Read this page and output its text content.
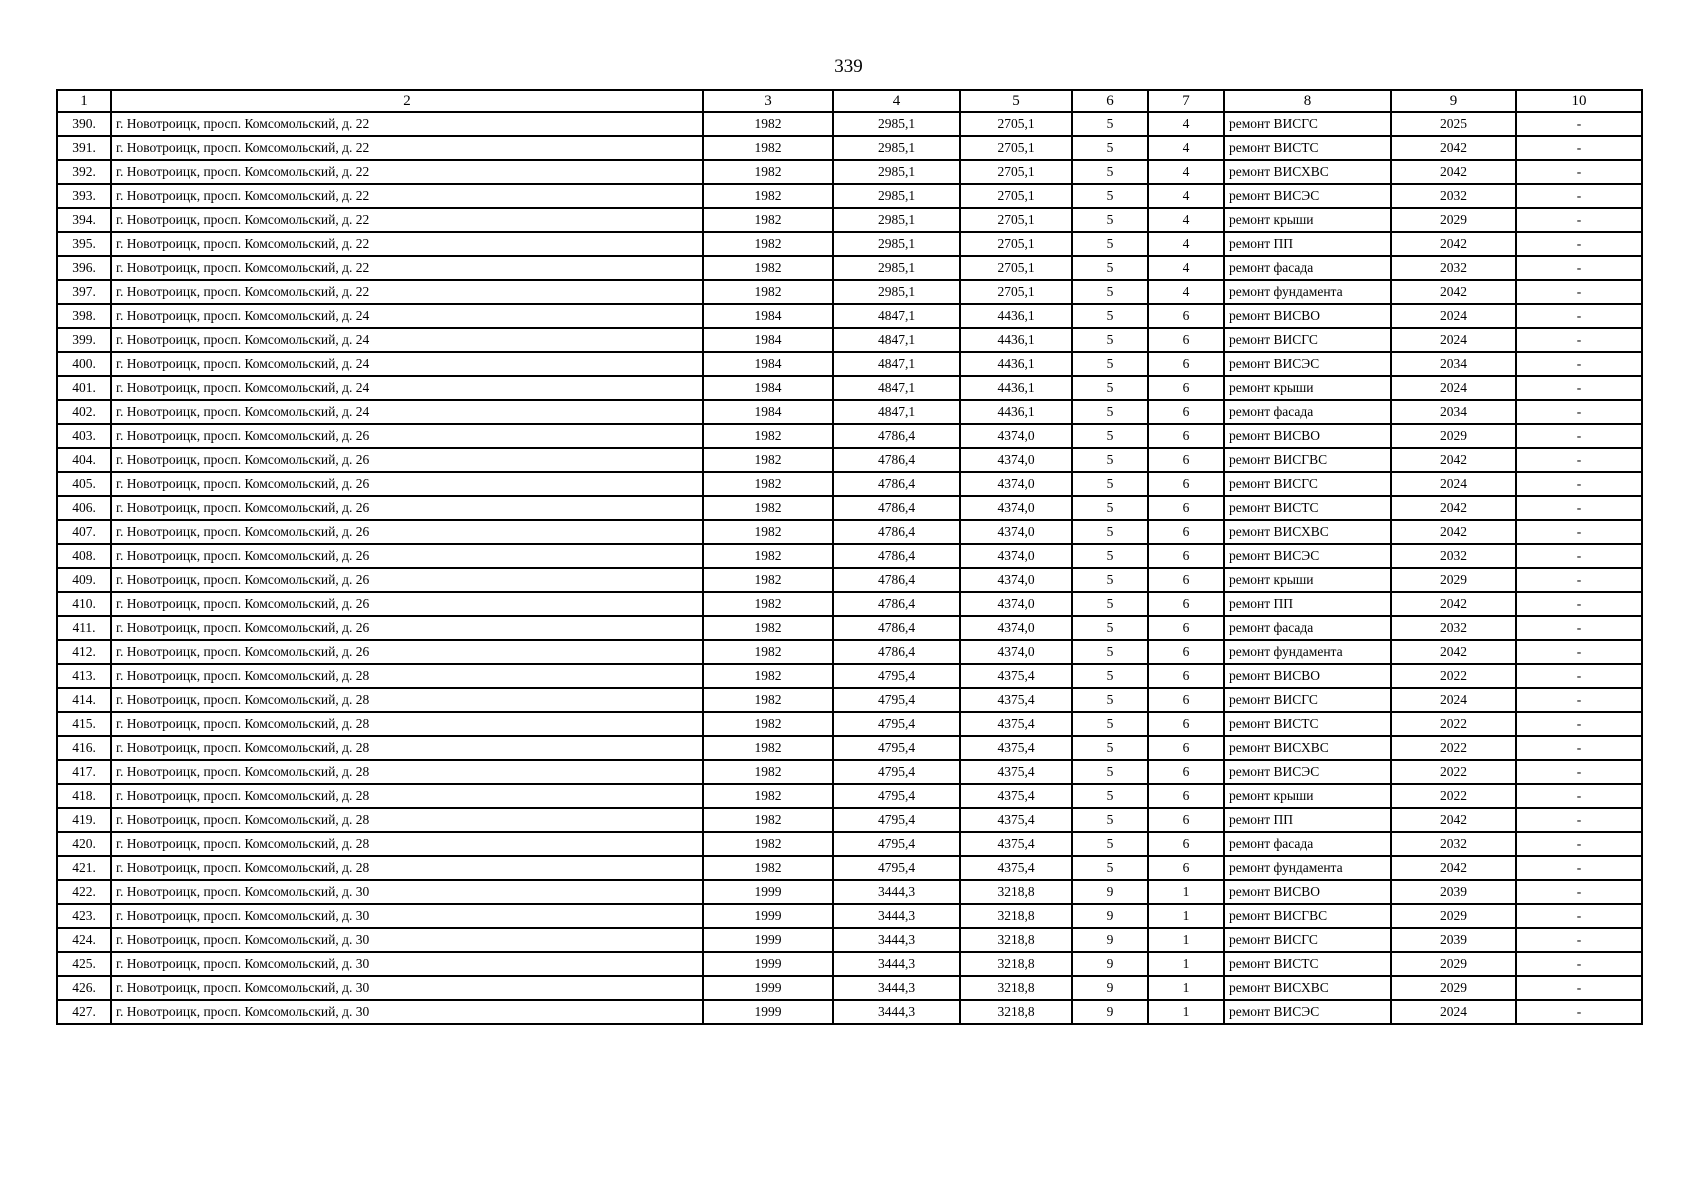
339
1	2	3	4	5	6	7	8	9	10
390.	г. Новотроицк, просп. Комсомольский, д. 22	1982	2985,1	2705,1	5	4	ремонт ВИСГС	2025	-
391.	г. Новотроицк, просп. Комсомольский, д. 22	1982	2985,1	2705,1	5	4	ремонт ВИСТС	2042	-
392.	г. Новотроицк, просп. Комсомольский, д. 22	1982	2985,1	2705,1	5	4	ремонт ВИСХВС	2042	-
393.	г. Новотроицк, просп. Комсомольский, д. 22	1982	2985,1	2705,1	5	4	ремонт ВИСЭС	2032	-
394.	г. Новотроицк, просп. Комсомольский, д. 22	1982	2985,1	2705,1	5	4	ремонт крыши	2029	-
395.	г. Новотроицк, просп. Комсомольский, д. 22	1982	2985,1	2705,1	5	4	ремонт ПП	2042	-
396.	г. Новотроицк, просп. Комсомольский, д. 22	1982	2985,1	2705,1	5	4	ремонт фасада	2032	-
397.	г. Новотроицк, просп. Комсомольский, д. 22	1982	2985,1	2705,1	5	4	ремонт фундамента	2042	-
398.	г. Новотроицк, просп. Комсомольский, д. 24	1984	4847,1	4436,1	5	6	ремонт ВИСВО	2024	-
399.	г. Новотроицк, просп. Комсомольский, д. 24	1984	4847,1	4436,1	5	6	ремонт ВИСГС	2024	-
400.	г. Новотроицк, просп. Комсомольский, д. 24	1984	4847,1	4436,1	5	6	ремонт ВИСЭС	2034	-
401.	г. Новотроицк, просп. Комсомольский, д. 24	1984	4847,1	4436,1	5	6	ремонт крыши	2024	-
402.	г. Новотроицк, просп. Комсомольский, д. 24	1984	4847,1	4436,1	5	6	ремонт фасада	2034	-
403.	г. Новотроицк, просп. Комсомольский, д. 26	1982	4786,4	4374,0	5	6	ремонт ВИСВО	2029	-
404.	г. Новотроицк, просп. Комсомольский, д. 26	1982	4786,4	4374,0	5	6	ремонт ВИСГВС	2042	-
405.	г. Новотроицк, просп. Комсомольский, д. 26	1982	4786,4	4374,0	5	6	ремонт ВИСГС	2024	-
406.	г. Новотроицк, просп. Комсомольский, д. 26	1982	4786,4	4374,0	5	6	ремонт ВИСТС	2042	-
407.	г. Новотроицк, просп. Комсомольский, д. 26	1982	4786,4	4374,0	5	6	ремонт ВИСХВС	2042	-
408.	г. Новотроицк, просп. Комсомольский, д. 26	1982	4786,4	4374,0	5	6	ремонт ВИСЭС	2032	-
409.	г. Новотроицк, просп. Комсомольский, д. 26	1982	4786,4	4374,0	5	6	ремонт крыши	2029	-
410.	г. Новотроицк, просп. Комсомольский, д. 26	1982	4786,4	4374,0	5	6	ремонт ПП	2042	-
411.	г. Новотроицк, просп. Комсомольский, д. 26	1982	4786,4	4374,0	5	6	ремонт фасада	2032	-
412.	г. Новотроицк, просп. Комсомольский, д. 26	1982	4786,4	4374,0	5	6	ремонт фундамента	2042	-
413.	г. Новотроицк, просп. Комсомольский, д. 28	1982	4795,4	4375,4	5	6	ремонт ВИСВО	2022	-
414.	г. Новотроицк, просп. Комсомольский, д. 28	1982	4795,4	4375,4	5	6	ремонт ВИСГС	2024	-
415.	г. Новотроицк, просп. Комсомольский, д. 28	1982	4795,4	4375,4	5	6	ремонт ВИСТС	2022	-
416.	г. Новотроицк, просп. Комсомольский, д. 28	1982	4795,4	4375,4	5	6	ремонт ВИСХВС	2022	-
417.	г. Новотроицк, просп. Комсомольский, д. 28	1982	4795,4	4375,4	5	6	ремонт ВИСЭС	2022	-
418.	г. Новотроицк, просп. Комсомольский, д. 28	1982	4795,4	4375,4	5	6	ремонт крыши	2022	-
419.	г. Новотроицк, просп. Комсомольский, д. 28	1982	4795,4	4375,4	5	6	ремонт ПП	2042	-
420.	г. Новотроицк, просп. Комсомольский, д. 28	1982	4795,4	4375,4	5	6	ремонт фасада	2032	-
421.	г. Новотроицк, просп. Комсомольский, д. 28	1982	4795,4	4375,4	5	6	ремонт фундамента	2042	-
422.	г. Новотроицк, просп. Комсомольский, д. 30	1999	3444,3	3218,8	9	1	ремонт ВИСВО	2039	-
423.	г. Новотроицк, просп. Комсомольский, д. 30	1999	3444,3	3218,8	9	1	ремонт ВИСГВС	2029	-
424.	г. Новотроицк, просп. Комсомольский, д. 30	1999	3444,3	3218,8	9	1	ремонт ВИСГС	2039	-
425.	г. Новотроицк, просп. Комсомольский, д. 30	1999	3444,3	3218,8	9	1	ремонт ВИСТС	2029	-
426.	г. Новотроицк, просп. Комсомольский, д. 30	1999	3444,3	3218,8	9	1	ремонт ВИСХВС	2029	-
427.	г. Новотроицк, просп. Комсомольский, д. 30	1999	3444,3	3218,8	9	1	ремонт ВИСЭС	2024	-
